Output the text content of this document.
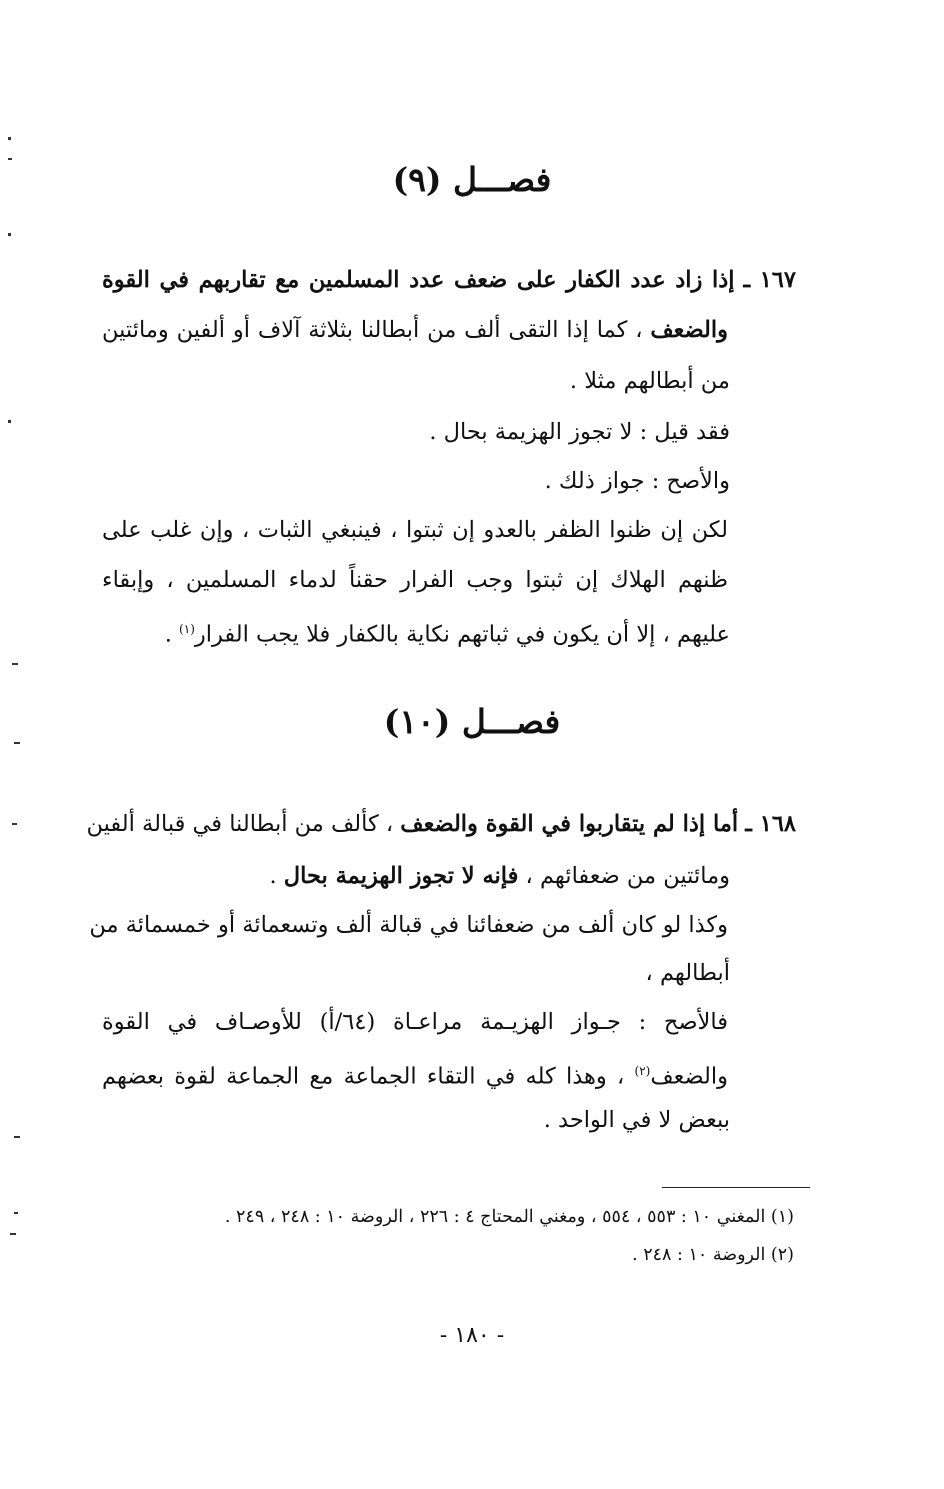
فصـــل (٩)
١٦٧ ـ إذا زاد عدد الكفار على ضعف عدد المسلمين مع تقاربهم في القوة
والضعف ، كما إذا التقى ألف من أبطالنا بثلاثة آلاف أو ألفين ومائتين
من أبطالهم مثلا .
فقد قيل : لا تجوز الهزيمة بحال .
والأصح : جواز ذلك .
لكن إن ظنوا الظفر بالعدو إن ثبتوا ، فينبغي الثبات ، وإن غلب على
ظنهم الهلاك إن ثبتوا وجب الفرار حقناً لدماء المسلمين ، وإبقاء
عليهم ، إلا أن يكون في ثباتهم نكاية بالكفار فلا يجب الفرار$^{(١)}$ .
فصـــل (١٠)
١٦٨ ـ أما إذا لم يتقاربوا في القوة والضعف ، كألف من أبطالنا في قبالة ألفين
ومائتين من ضعفائهم ، فإنه لا تجوز الهزيمة بحال .
وكذا لو كان ألف من ضعفائنا في قبالة ألف وتسعمائة أو خمسمائة من
أبطالهم ،
فالأصح : جـواز الهزيـمة مراعـاة (٦٤/أ) للأوصـاف في القوة
والضعف$^{(٢)}$ ، وهذا كله في التقاء الجماعة مع الجماعة لقوة بعضهم
ببعض لا في الواحد .
(١) المغني ١٠ : ٥٥٣ ، ٥٥٤ ، ومغني المحتاج ٤ : ٢٢٦ ، الروضة ١٠ : ٢٤٨ ، ٢٤٩ .
(٢) الروضة ١٠ : ٢٤٨ .
- ١٨٠ -
